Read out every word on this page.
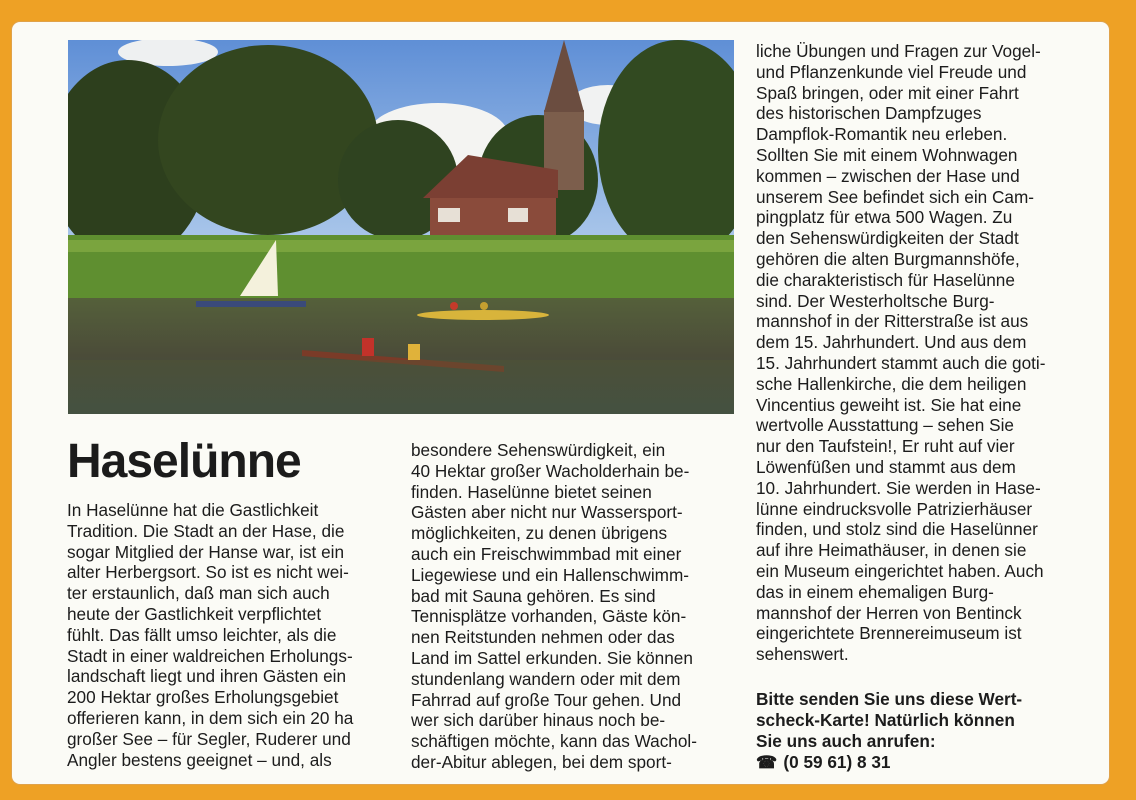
Haselünne
In Haselünne hat die Gastlichkeit
Tradition. Die Stadt an der Hase, die
sogar Mitglied der Hanse war, ist ein
alter Herbergsort. So ist es nicht wei-
ter erstaunlich, daß man sich auch
heute der Gastlichkeit verpflichtet
fühlt. Das fällt umso leichter, als die
Stadt in einer waldreichen Erholungs-
landschaft liegt und ihren Gästen ein
200 Hektar großes Erholungsgebiet
offerieren kann, in dem sich ein 20 ha
großer See – für Segler, Ruderer und
Angler bestens geeignet – und, als
besondere Sehenswürdigkeit, ein
40 Hektar großer Wacholderhain be-
finden. Haselünne bietet seinen
Gästen aber nicht nur Wassersport-
möglichkeiten, zu denen übrigens
auch ein Freischwimmbad mit einer
Liegewiese und ein Hallenschwimm-
bad mit Sauna gehören. Es sind
Tennisplätze vorhanden, Gäste kön-
nen Reitstunden nehmen oder das
Land im Sattel erkunden. Sie können
stundenlang wandern oder mit dem
Fahrrad auf große Tour gehen. Und
wer sich darüber hinaus noch be-
schäftigen möchte, kann das Wachol-
der-Abitur ablegen, bei dem sport-
liche Übungen und Fragen zur Vogel-
und Pflanzenkunde viel Freude und
Spaß bringen, oder mit einer Fahrt
des historischen Dampfzuges
Dampflok-Romantik neu erleben.
Sollten Sie mit einem Wohnwagen
kommen – zwischen der Hase und
unserem See befindet sich ein Cam-
pingplatz für etwa 500 Wagen. Zu
den Sehenswürdigkeiten der Stadt
gehören die alten Burgmannshöfe,
die charakteristisch für Haselünne
sind. Der Westerholtsche Burg-
mannshof in der Ritterstraße ist aus
dem 15. Jahrhundert. Und aus dem
15. Jahrhundert stammt auch die goti-
sche Hallenkirche, die dem heiligen
Vincentius geweiht ist. Sie hat eine
wertvolle Ausstattung – sehen Sie
nur den Taufstein!, Er ruht auf vier
Löwenfüßen und stammt aus dem
10. Jahrhundert. Sie werden in Hase-
lünne eindrucksvolle Patrizierhäuser
finden, und stolz sind die Haselünner
auf ihre Heimathäuser, in denen sie
ein Museum eingerichtet haben. Auch
das in einem ehemaligen Burg-
mannshof der Herren von Bentinck
eingerichtete Brennereimuseum ist
sehenswert.
Bitte senden Sie uns diese Wert-
scheck-Karte! Natürlich können
Sie uns auch anrufen:
☎ (0 59 61) 8 31
